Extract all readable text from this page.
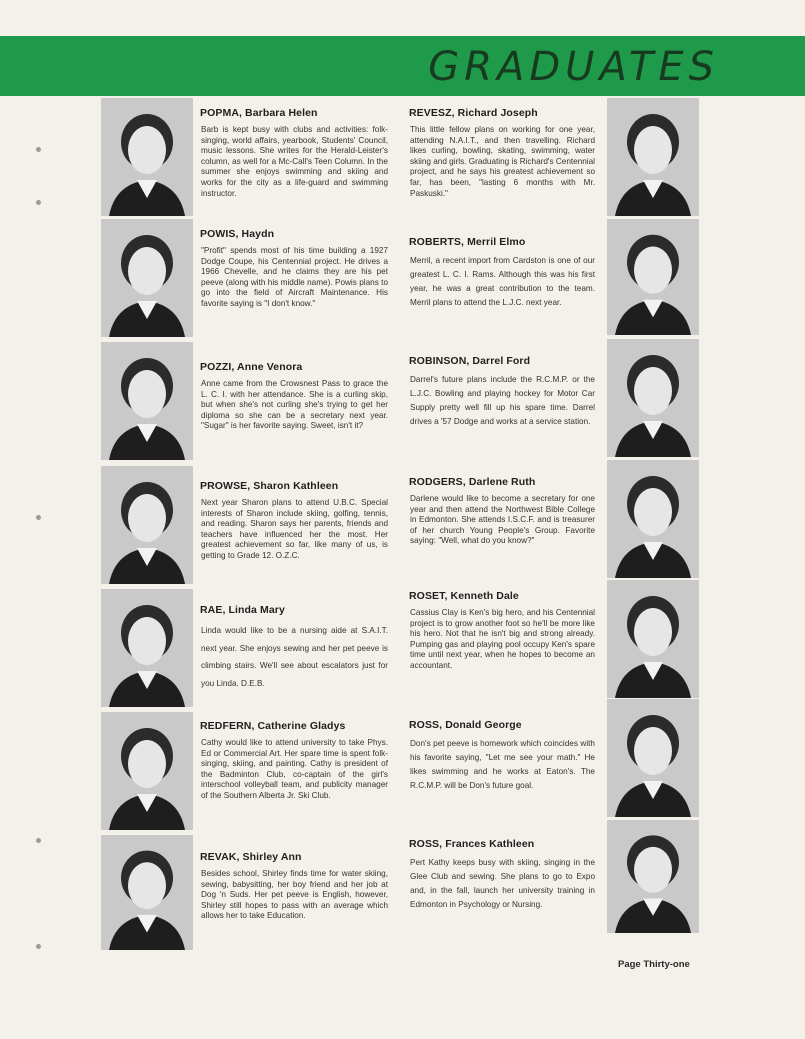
GRADUATES
POPMA, Barbara Helen
Barb is kept busy with clubs and activities: folk-singing, world affairs, yearbook, Students' Council, music lessons. She writes for the Herald-Leister's column, as well for a Mc-Call's Teen Column. In the summer she enjoys swimming and skiing and works for the city as a life-guard and swimming instructor.
POWIS, Haydn
"Profit" spends most of his time building a 1927 Dodge Coupe, his Centennial project. He drives a 1966 Chevelle, and he claims they are his pet peeve (along with his middle name). Powis plans to go into the field of Aircraft Maintenance. His favorite saying is "I don't know."
POZZI, Anne Venora
Anne came from the Crowsnest Pass to grace the L. C. I. with her attendance. She is a curling skip, but when she's not curling she's trying to get her diploma so she can be a secretary next year. "Sugar" is her favorite saying. Sweet, isn't it?
PROWSE, Sharon Kathleen
Next year Sharon plans to attend U.B.C. Special interests of Sharon include skiing, golfing, tennis, and reading. Sharon says her parents, friends and teachers have influenced her the most. Her greatest achievement so far, like many of us, is getting to Grade 12. O.Z.C.
RAE, Linda Mary
Linda would like to be a nursing aide at S.A.I.T. next year. She enjoys sewing and her pet peeve is climbing stairs. We'll see about escalators just for you Linda. D.E.B.
REDFERN, Catherine Gladys
Cathy would like to attend university to take Phys. Ed or Commercial Art. Her spare time is spent folk-singing, skiing, and painting. Cathy is president of the Badminton Club, co-captain of the girl's interschool volleyball team, and publicity manager of the Southern Alberta Jr. Ski Club.
REVAK, Shirley Ann
Besides school, Shirley finds time for water skiing, sewing, babysitting, her boy friend and her job at Dog 'n Suds. Her pet peeve is English, however, Shirley still hopes to pass with an average which allows her to take Education.
REVESZ, Richard Joseph
This little fellow plans on working for one year, attending N.A.I.T., and then travelling. Richard likes curling, bowling, skating, swimming, water skiing and girls. Graduating is Richard's Centennial project, and he says his greatest achievement so far, has been, "lasting 6 months with Mr. Paskuski."
ROBERTS, Merril Elmo
Merril, a recent import from Cardston is one of our greatest L. C. I. Rams. Although this was his first year, he was a great contribution to the team. Merril plans to attend the L.J.C. next year.
ROBINSON, Darrel Ford
Darrel's future plans include the R.C.M.P. or the L.J.C. Bowling and playing hockey for Motor Car Supply pretty well fill up his spare time. Darrel drives a '57 Dodge and works at a service station.
RODGERS, Darlene Ruth
Darlene would like to become a secretary for one year and then attend the Northwest Bible College in Edmonton. She attends I.S.C.F. and is treasurer of her church Young People's Group. Favorite saying: "Well, what do you know?"
ROSET, Kenneth Dale
Cassius Clay is Ken's big hero, and his Centennial project is to grow another foot so he'll be more like his hero. Not that he isn't big and strong already. Pumping gas and playing pool occupy Ken's spare time until next year, when he hopes to become an accountant.
ROSS, Donald George
Don's pet peeve is homework which coincides with his favorite saying, "Let me see your math." He likes swimming and he works at Eaton's. The R.C.M.P. will be Don's future goal.
ROSS, Frances Kathleen
Pert Kathy keeps busy with skiing, singing in the Glee Club and sewing. She plans to go to Expo and, in the fall, launch her university training in Edmonton in Psychology or Nursing.
Page Thirty-one
